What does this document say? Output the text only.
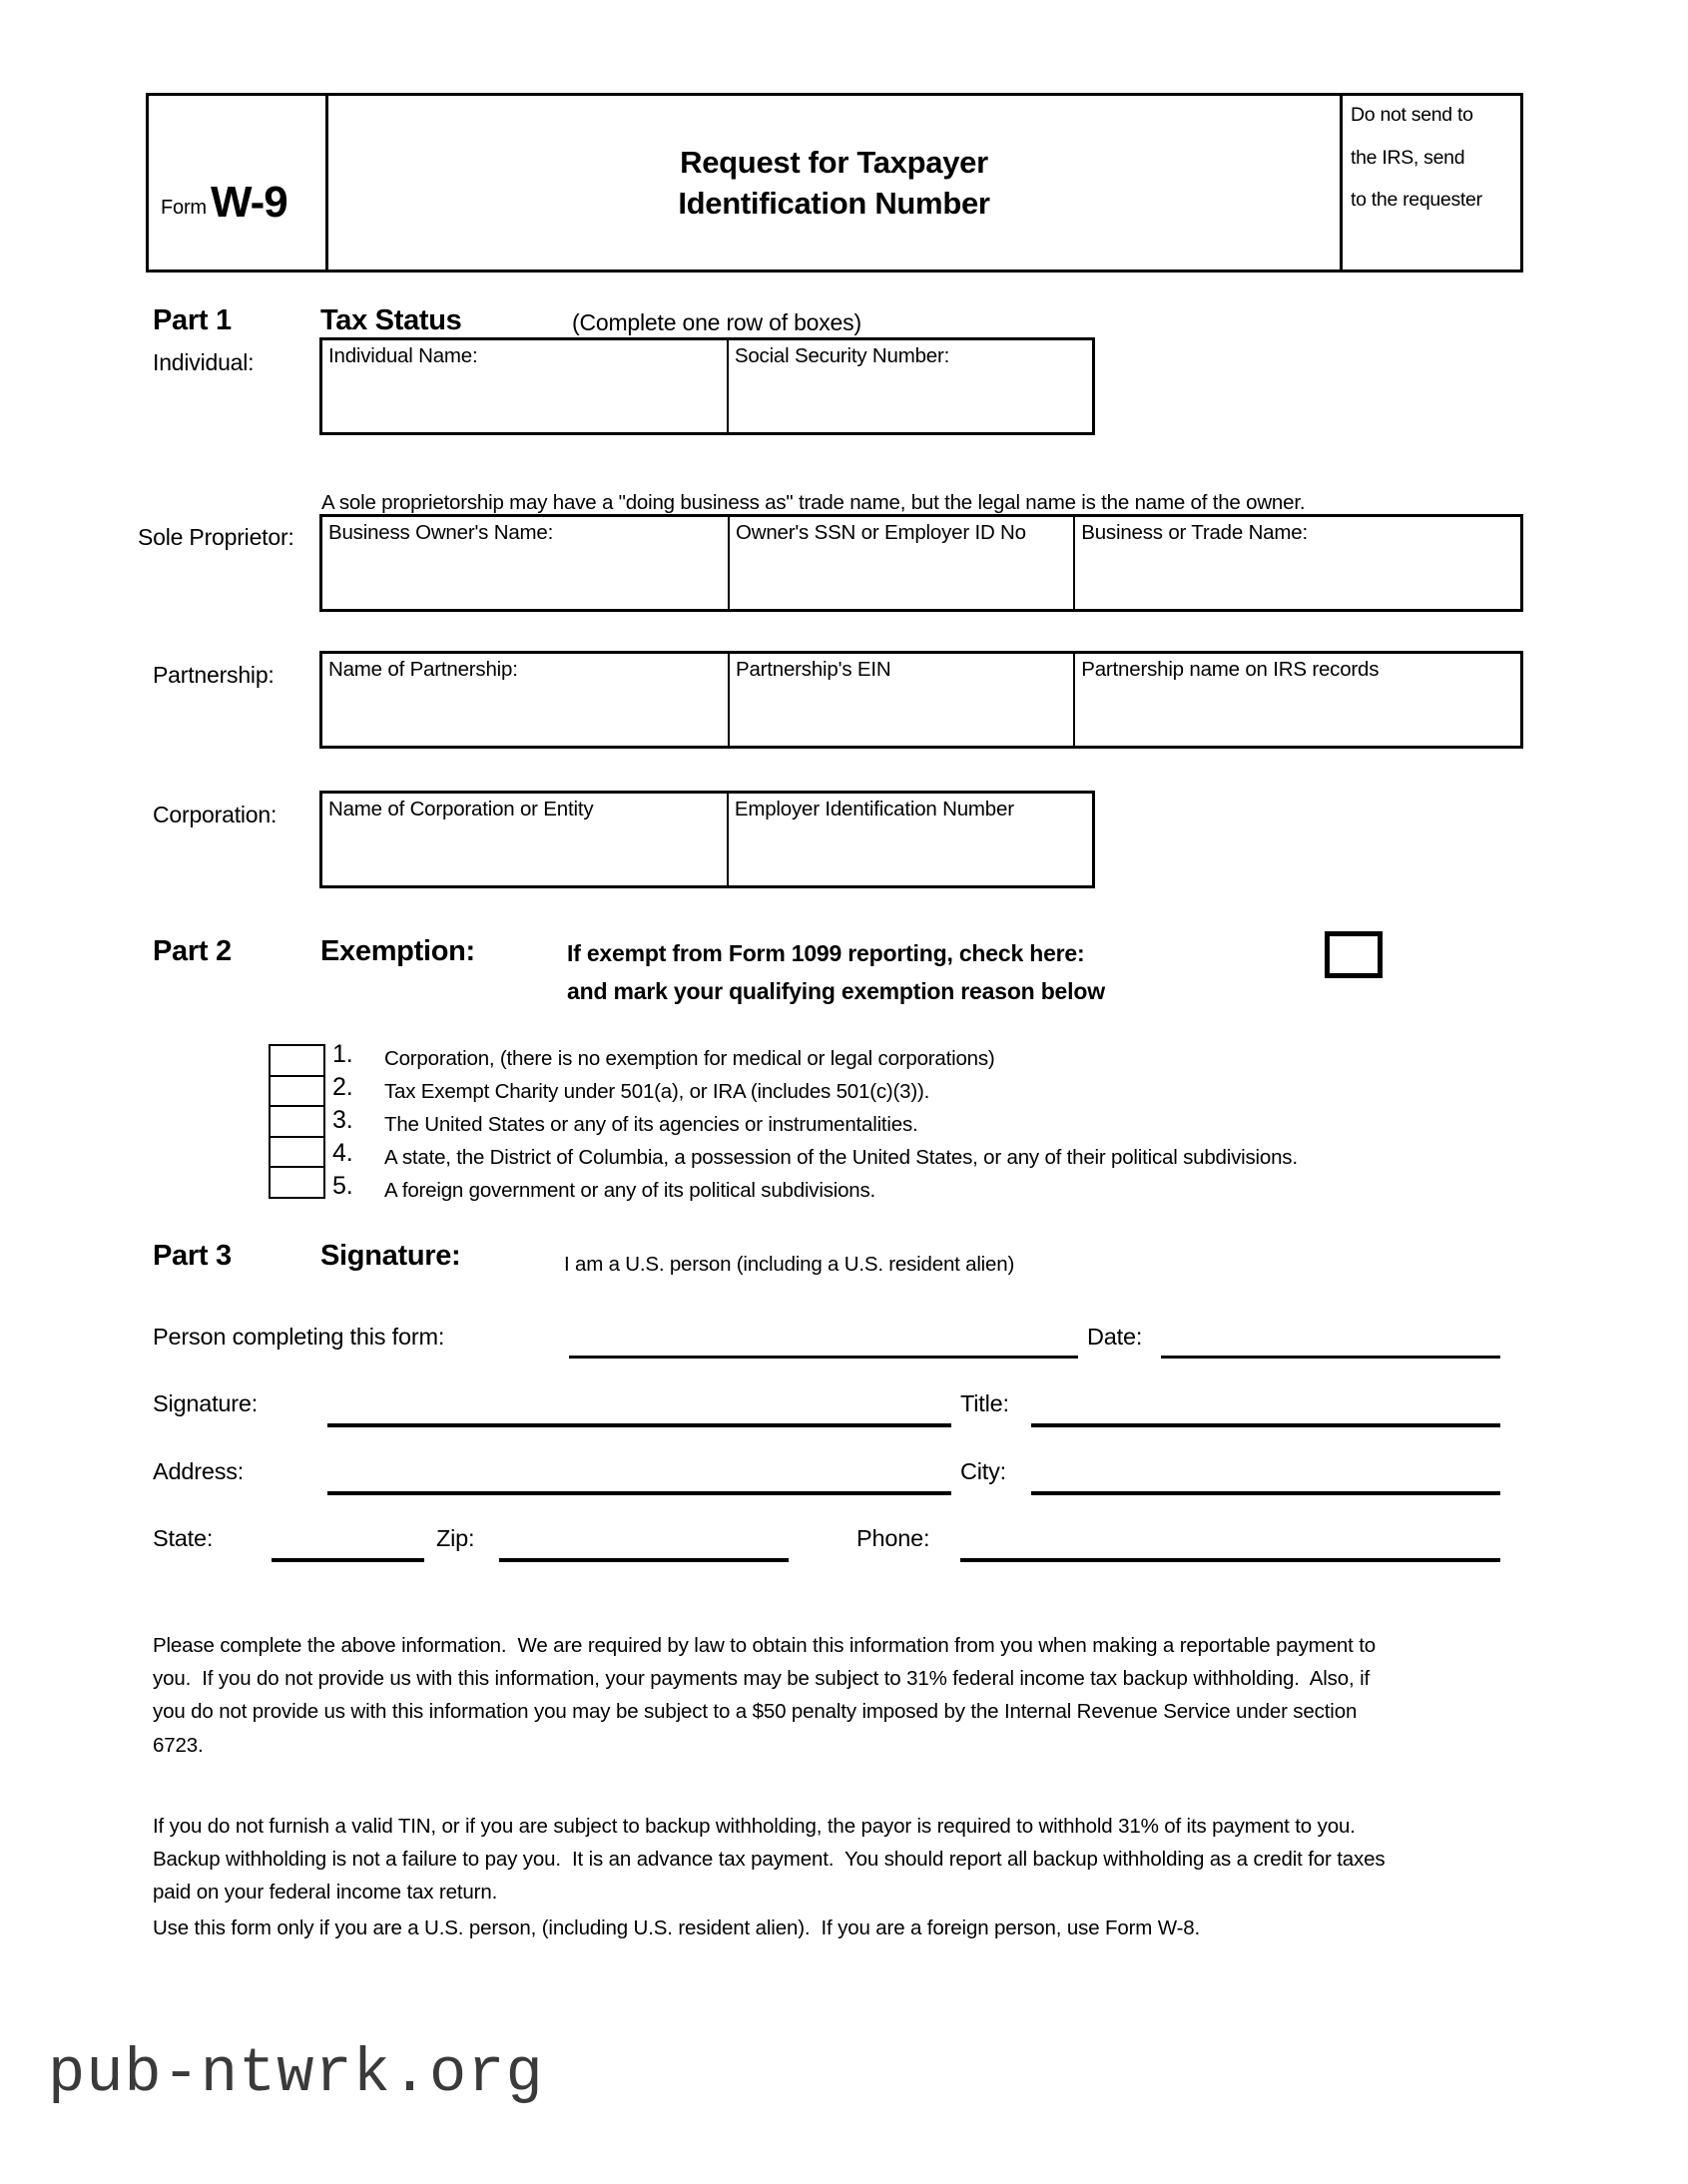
Form W-9
Request for Taxpayer
Identification Number
Do not send to
the IRS, send
to the requester
Part 1	Tax Status	(Complete one row of boxes)
Individual:	Individual Name:	Social Security Number:
A sole proprietorship may have a "doing business as" trade name, but the legal name is the name of the owner.
Sole Proprietor: Business Owner's Name:	Owner's SSN or Employer ID No	Business or Trade Name:
Partnership:	Name of Partnership:	Partnership's EIN	Partnership name on IRS records
Corporation:	Name of Corporation or Entity	Employer Identification Number
Part 2	Exemption:	If exempt from Form 1099 reporting, check here:
and mark your qualifying exemption reason below
1. Corporation, (there is no exemption for medical or legal corporations)
2. Tax Exempt Charity under 501(a), or IRA (includes 501(c)(3)).
3. The United States or any of its agencies or instrumentalities.
4. A state, the District of Columbia, a possession of the United States, or any of their political subdivisions.
5. A foreign government or any of its political subdivisions.
Part 3	Signature:	I am a U.S. person (including a U.S. resident alien)
Person completing this form:	Date:
Signature:	Title:
Address:	City:
State:	Zip:	Phone:
Please complete the above information.  We are required by law to obtain this information from you when making a reportable payment to you.  If you do not provide us with this information, your payments may be subject to 31% federal income tax backup withholding.  Also, if you do not provide us with this information you may be subject to a $50 penalty imposed by the Internal Revenue Service under section 6723.
If you do not furnish a valid TIN, or if you are subject to backup withholding, the payor is required to withhold 31% of its payment to you.  Backup withholding is not a failure to pay you.  It is an advance tax payment.  You should report all backup withholding as a credit for taxes paid on your federal income tax return.
Use this form only if you are a U.S. person, (including U.S. resident alien).  If you are a foreign person, use Form W-8.
pub-ntwrk.org
